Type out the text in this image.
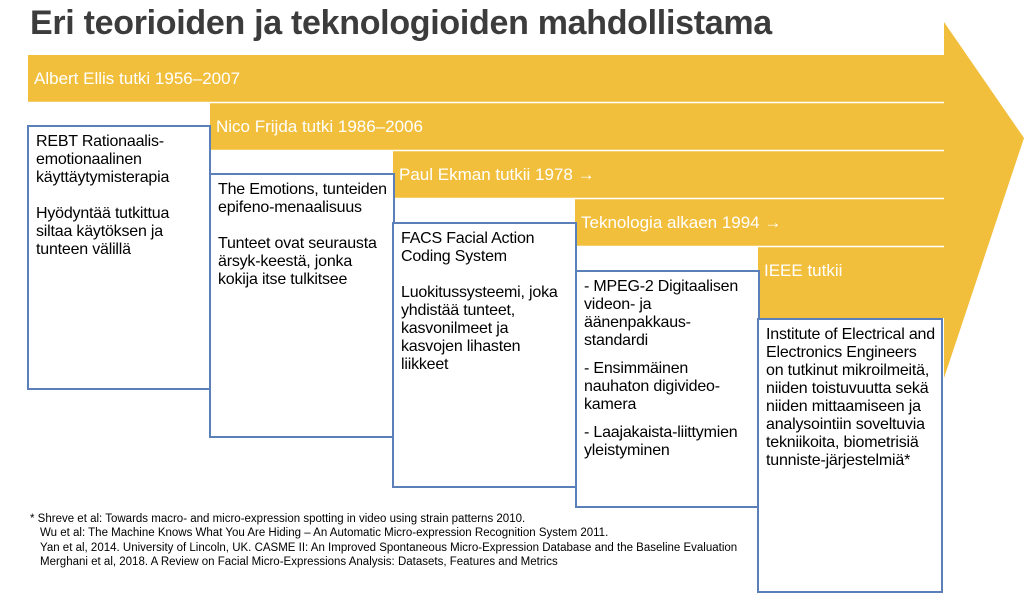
Eri teorioiden ja teknologioiden mahdollistama
Albert Ellis tutki 1956–2007
Nico Frijda tutki 1986–2006
Paul Ekman tutkii 1978 →
Teknologia alkaen 1994 →
IEEE tutkii

REBT Rationaalis-emotionaalinen käyttäytymisterapia

Hyödyntää tutkittua siltaa käytöksen ja tunteen välillä

The Emotions, tunteiden epifeno-menaalisuus

Tunteet ovat seurausta ärsyk-keestä, jonka kokija itse tulkitsee

FACS Facial Action Coding System

Luokitussysteemi, joka yhdistää tunteet, kasvonilmeet ja kasvojen lihasten liikkeet

- MPEG-2 Digitaalisen videon- ja äänenpakkaus-standardi

- Ensimmäinen nauhaton digivideo-kamera

- Laajakaista-liittymien yleistyminen

Institute of Electrical and Electronics Engineers on tutkinut mikroilmeitä, niiden toistuvuutta sekä niiden mittaamiseen ja analysointiin soveltuvia tekniikoita, biometrisiä tunniste-järjestelmiä*

* Shreve et al: Towards macro- and micro-expression spotting in video using strain patterns 2010.
Wu et al: The Machine Knows What You Are Hiding – An Automatic Micro-expression Recognition System 2011.
Yan et al, 2014. University of Lincoln, UK. CASME II: An Improved Spontaneous Micro-Expression Database and the Baseline Evaluation
Merghani et al, 2018. A Review on Facial Micro-Expressions Analysis: Datasets, Features and Metrics
